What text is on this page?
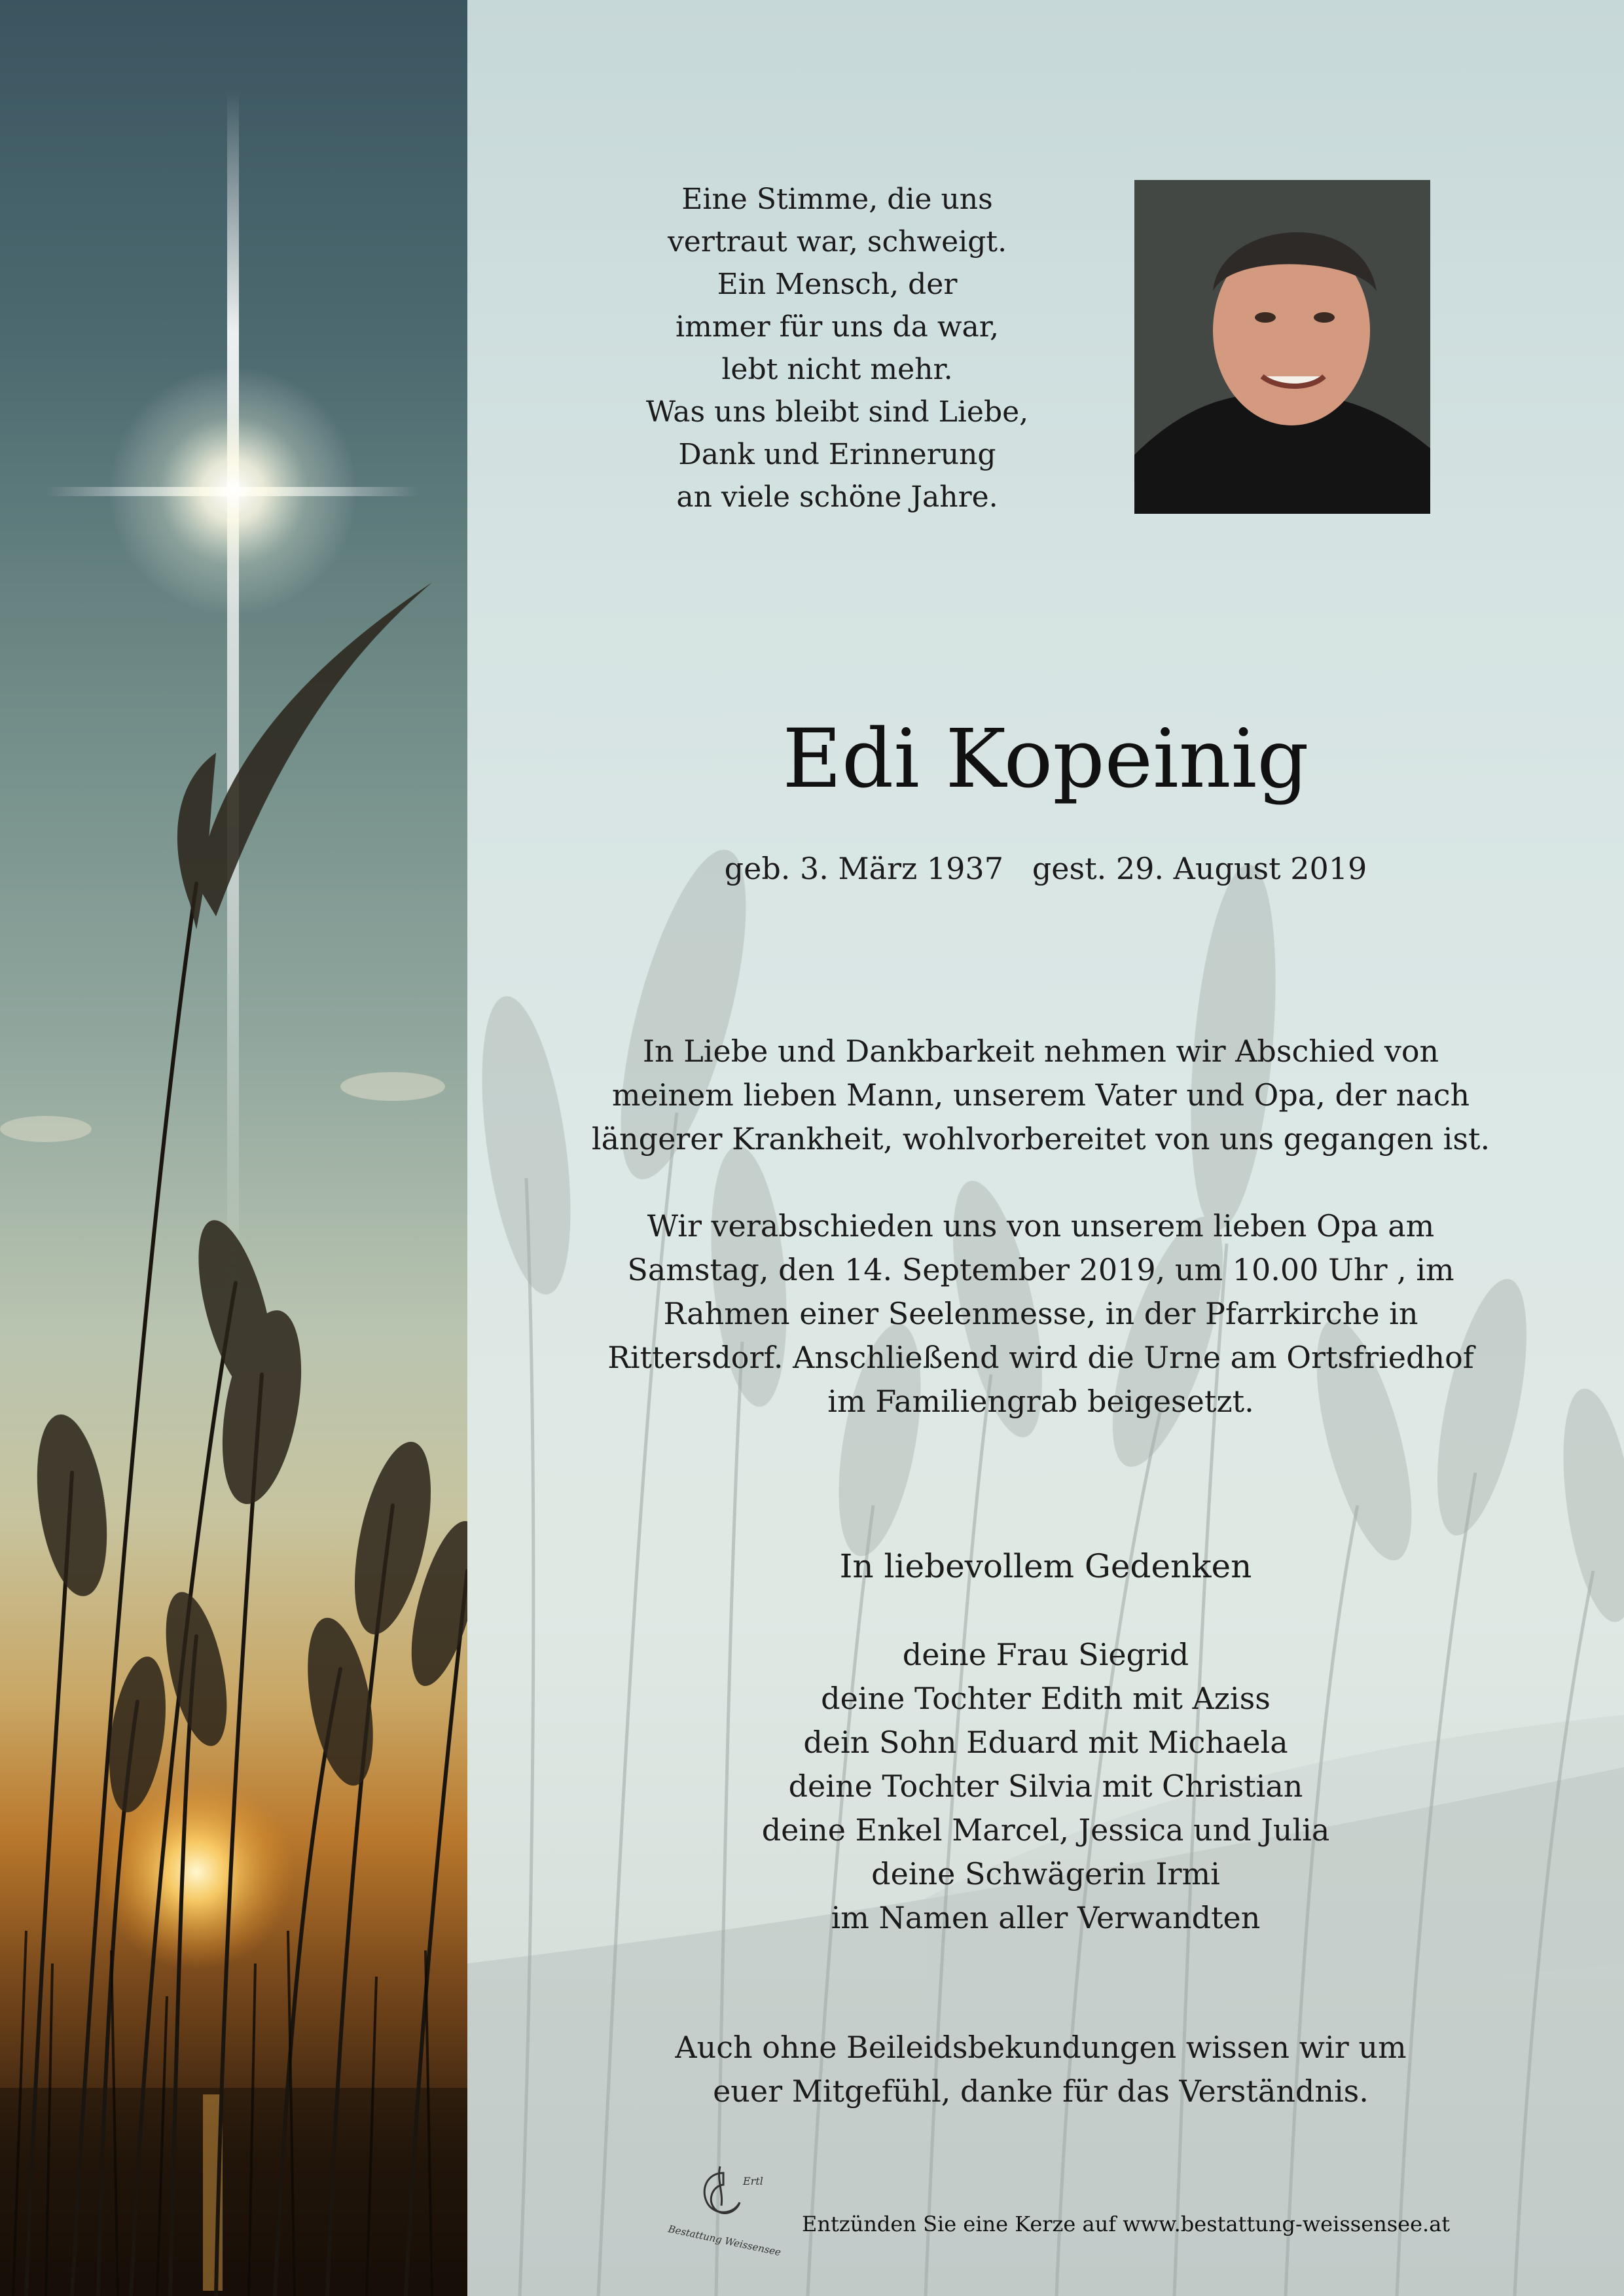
Eine Stimme, die uns
vertraut war, schweigt.
Ein Mensch, der
immer für uns da war,
lebt nicht mehr.
Was uns bleibt sind Liebe,
Dank und Erinnerung
an viele schöne Jahre.
Edi Kopeinig
geb. 3. März 1937 gest. 29. August 2019
In Liebe und Dankbarkeit nehmen wir Abschied von
meinem lieben Mann, unserem Vater und Opa, der nach
längerer Krankheit, wohlvorbereitet von uns gegangen ist.
Wir verabschieden uns von unserem lieben Opa am
Samstag, den 14. September 2019, um 10.00 Uhr , im
Rahmen einer Seelenmesse, in der Pfarrkirche in
Rittersdorf. Anschließend wird die Urne am Ortsfriedhof
im Familiengrab beigesetzt.
In liebevollem Gedenken
deine Frau Siegrid
deine Tochter Edith mit Aziss
dein Sohn Eduard mit Michaela
deine Tochter Silvia mit Christian
deine Enkel Marcel, Jessica und Julia
deine Schwägerin Irmi
im Namen aller Verwandten
Auch ohne Beileidsbekundungen wissen wir um
euer Mitgefühl, danke für das Verständnis.
Ertl
Bestattung Weissensee Entzünden Sie eine Kerze auf www.bestattung-weissensee.at
